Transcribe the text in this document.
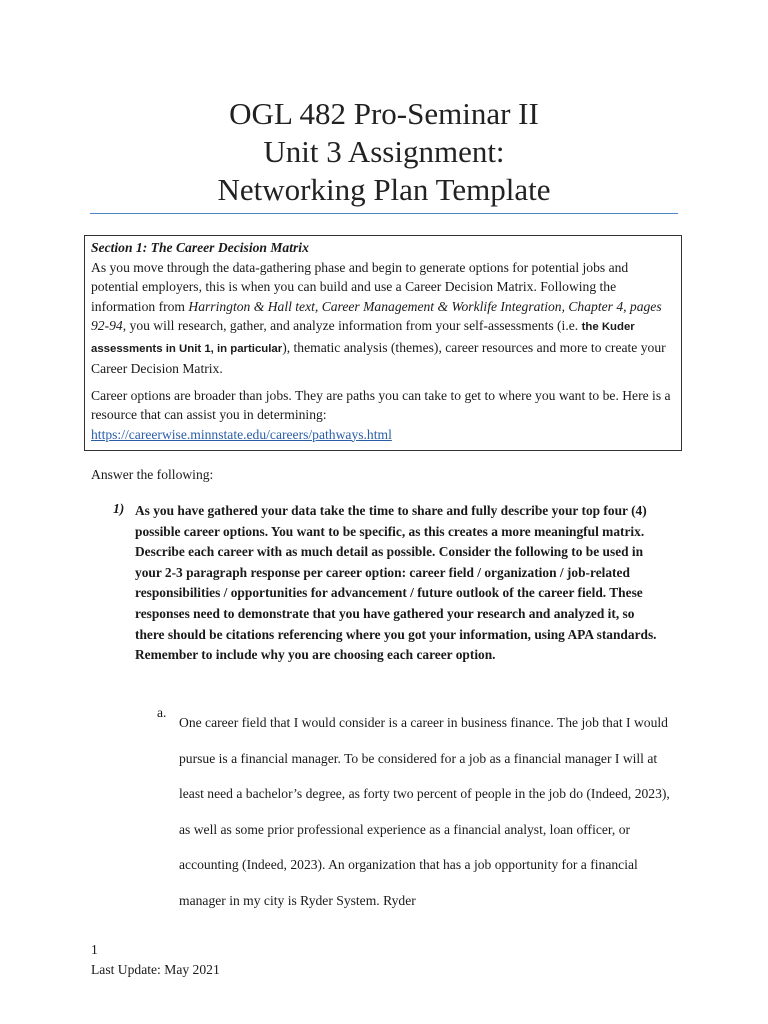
OGL 482 Pro-Seminar II
Unit 3 Assignment:
Networking Plan Template
Section 1: The Career Decision Matrix

As you move through the data-gathering phase and begin to generate options for potential jobs and potential employers, this is when you can build and use a Career Decision Matrix. Following the information from Harrington & Hall text, Career Management & Worklife Integration, Chapter 4, pages 92-94, you will research, gather, and analyze information from your self-assessments (i.e. the Kuder assessments in Unit 1, in particular), thematic analysis (themes), career resources and more to create your Career Decision Matrix.

Career options are broader than jobs. They are paths you can take to get to where you want to be. Here is a resource that can assist you in determining:
https://careerwise.minnstate.edu/careers/pathways.html

Answer the following:
1) As you have gathered your data take the time to share and fully describe your top four (4) possible career options. You want to be specific, as this creates a more meaningful matrix. Describe each career with as much detail as possible. Consider the following to be used in your 2-3 paragraph response per career option: career field / organization / job-related responsibilities / opportunities for advancement / future outlook of the career field. These responses need to demonstrate that you have gathered your research and analyzed it, so there should be citations referencing where you got your information, using APA standards. Remember to include why you are choosing each career option.
a.
One career field that I would consider is a career in business finance. The job that I would pursue is a financial manager. To be considered for a job as a financial manager I will at least need a bachelor’s degree, as forty two percent of people in the job do (Indeed, 2023), as well as some prior professional experience as a financial analyst, loan officer, or accounting (Indeed, 2023). An organization that has a job opportunity for a financial manager in my city is Ryder System. Ryder
1
Last Update: May 2021
